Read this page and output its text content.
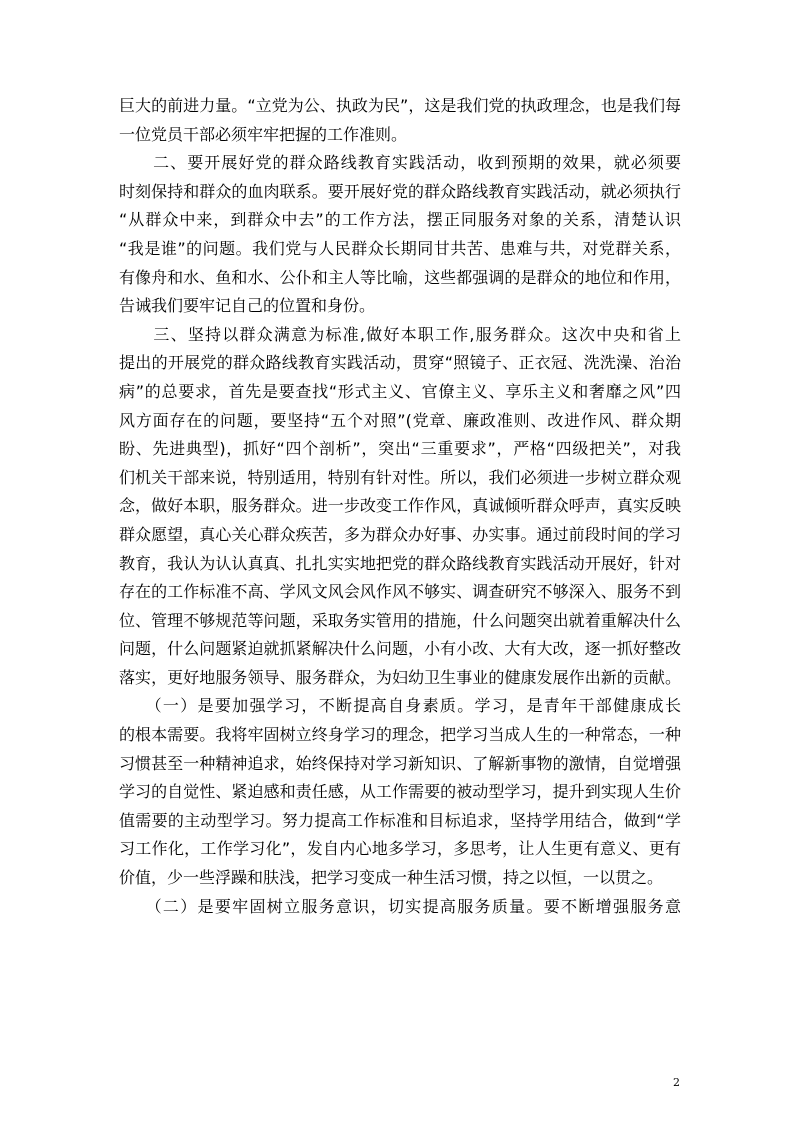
巨大的前进力量。“立党为公、执政为民”，这是我们党的执政理念，也是我们每
一位党员干部必须牢牢把握的工作准则。
　　二、要开展好党的群众路线教育实践活动，收到预期的效果，就必须要
时刻保持和群众的血肉联系。要开展好党的群众路线教育实践活动，就必须执行
“从群众中来，到群众中去”的工作方法，摆正同服务对象的关系，清楚认识
“我是谁”的问题。我们党与人民群众长期同甘共苦、患难与共，对党群关系，
有像舟和水、鱼和水、公仆和主人等比喻，这些都强调的是群众的地位和作用，
告诫我们要牢记自己的位置和身份。
　　三、坚持以群众满意为标准,做好本职工作,服务群众。这次中央和省上
提出的开展党的群众路线教育实践活动，贯穿“照镜子、正衣冠、洗洗澡、治治
病”的总要求，首先是要查找“形式主义、官僚主义、享乐主义和奢靡之风”四
风方面存在的问题，要坚持“五个对照”(党章、廉政准则、改进作风、群众期
盼、先进典型)，抓好“四个剖析”，突出“三重要求”，严格“四级把关”，对我
们机关干部来说，特别适用，特别有针对性。所以，我们必须进一步树立群众观
念，做好本职，服务群众。进一步改变工作作风，真诚倾听群众呼声，真实反映
群众愿望，真心关心群众疾苦，多为群众办好事、办实事。通过前段时间的学习
教育，我认为认认真真、扎扎实实地把党的群众路线教育实践活动开展好，针对
存在的工作标准不高、学风文风会风作风不够实、调查研究不够深入、服务不到
位、管理不够规范等问题，采取务实管用的措施，什么问题突出就着重解决什么
问题，什么问题紧迫就抓紧解决什么问题，小有小改、大有大改，逐一抓好整改
落实，更好地服务领导、服务群众，为妇幼卫生事业的健康发展作出新的贡献。
　　（一）是要加强学习，不断提高自身素质。学习，是青年干部健康成长
的根本需要。我将牢固树立终身学习的理念，把学习当成人生的一种常态，一种
习惯甚至一种精神追求，始终保持对学习新知识、了解新事物的激情，自觉增强
学习的自觉性、紧迫感和责任感，从工作需要的被动型学习，提升到实现人生价
值需要的主动型学习。努力提高工作标准和目标追求，坚持学用结合，做到“学
习工作化，工作学习化”，发自内心地多学习，多思考，让人生更有意义、更有
价值，少一些浮躁和肤浅，把学习变成一种生活习惯，持之以恒，一以贯之。
　　（二）是要牢固树立服务意识，切实提高服务质量。要不断增强服务意
2
